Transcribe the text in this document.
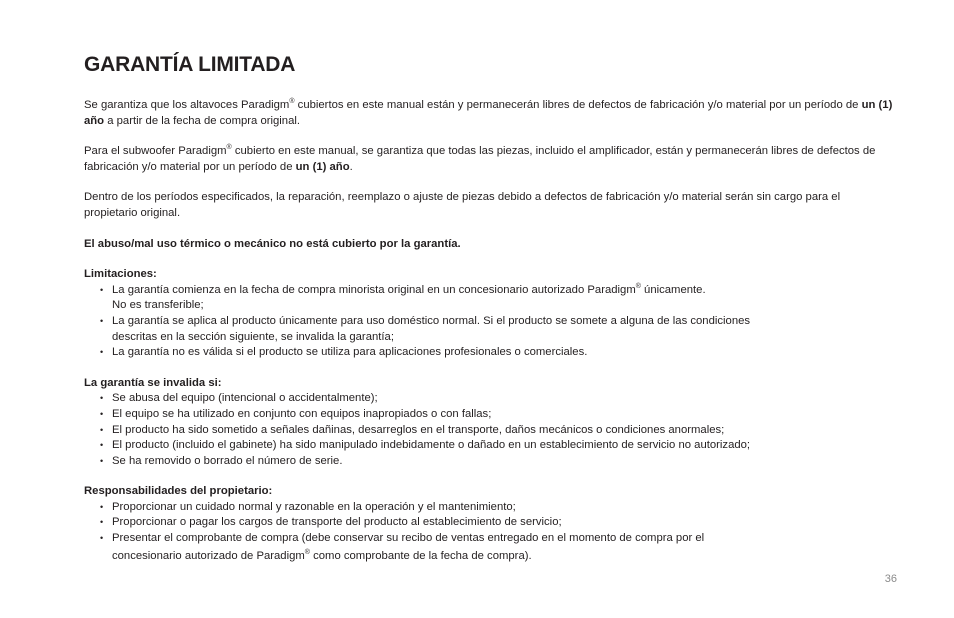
GARANTÍA LIMITADA

Se garantiza que los altavoces Paradigm® cubiertos en este manual están y permanecerán libres de defectos de fabricación y/o material por un período de un (1) año a partir de la fecha de compra original.

Para el subwoofer Paradigm® cubierto en este manual, se garantiza que todas las piezas, incluido el amplificador, están y permanecerán libres de defectos de fabricación y/o material por un período de un (1) año.

Dentro de los períodos especificados, la reparación, reemplazo o ajuste de piezas debido a defectos de fabricación y/o material serán sin cargo para el propietario original.

El abuso/mal uso térmico o mecánico no está cubierto por la garantía.

Limitaciones:
• La garantía comienza en la fecha de compra minorista original en un concesionario autorizado Paradigm® únicamente.
No es transferible;
• La garantía se aplica al producto únicamente para uso doméstico normal. Si el producto se somete a alguna de las condiciones
descritas en la sección siguiente, se invalida la garantía;
• La garantía no es válida si el producto se utiliza para aplicaciones profesionales o comerciales.
La garantía se invalida si:
• Se abusa del equipo (intencional o accidentalmente);
• El equipo se ha utilizado en conjunto con equipos inapropiados o con fallas;
• El producto ha sido sometido a señales dañinas, desarreglos en el transporte, daños mecánicos o condiciones anormales;
• El producto (incluido el gabinete) ha sido manipulado indebidamente o dañado en un establecimiento de servicio no autorizado;
• Se ha removido o borrado el número de serie.
Responsabilidades del propietario:
• Proporcionar un cuidado normal y razonable en la operación y el mantenimiento;
• Proporcionar o pagar los cargos de transporte del producto al establecimiento de servicio;
• Presentar el comprobante de compra (debe conservar su recibo de ventas entregado en el momento de compra por el
concesionario autorizado de Paradigm® como comprobante de la fecha de compra).
36
